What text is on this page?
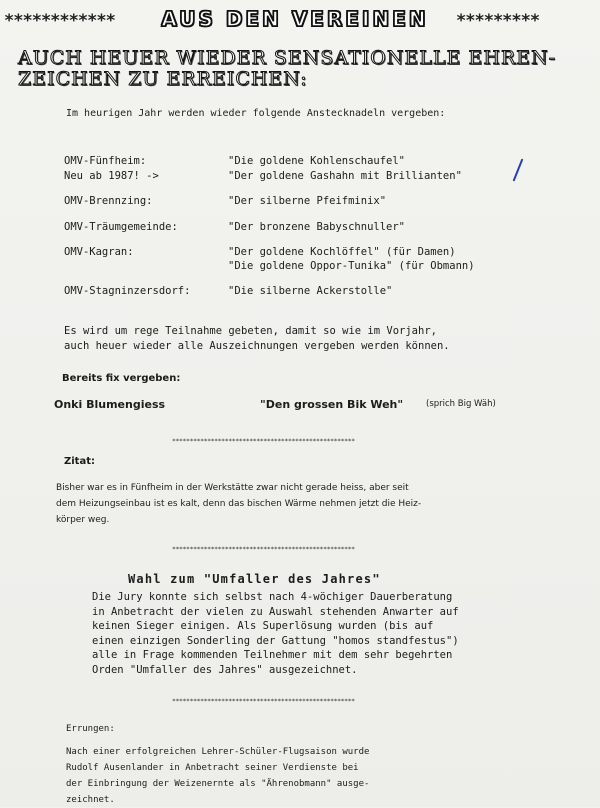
************ AUS DEN VEREINEN *********
AUCH HEUER WIEDER SENSATIONELLE EHREN-
ZEICHEN ZU ERREICHEN:
Im heurigen Jahr werden wieder folgende Anstecknadeln vergeben:
OMV-Fünfheim:	"Die goldene Kohlenschaufel"
Neu ab 1987! ->	"Der goldene Gashahn mit Brillianten"
OMV-Brennzing:	"Der silberne Pfeifminix"
OMV-Träumgemeinde:	"Der bronzene Babyschnuller"
OMV-Kagran:	"Der goldene Kochlöffel" (für Damen)
"Die goldene Oppor-Tunika" (für Obmann)
OMV-Stagninzersdorf:	"Die silberne Ackerstolle"
Es wird um rege Teilnahme gebeten, damit so wie im Vorjahr,
auch heuer wieder alle Auszeichnungen vergeben werden können.
Bereits fix vergeben:
Onki Blumengiess	"Den grossen Bik Weh"	(sprich Big Wäh)
****************************************************
Zitat:
Bisher war es in Fünfheim in der Werkstätte zwar nicht gerade heiss, aber seit
dem Heizungseinbau ist es kalt, denn das bischen Wärme nehmen jetzt die Heiz-
körper weg.
****************************************************
Wahl zum "Umfaller des Jahres"
Die Jury konnte sich selbst nach 4-wöchiger Dauerberatung
in Anbetracht der vielen zu Auswahl stehenden Anwarter auf
keinen Sieger einigen. Als Superlösung wurden (bis auf
einen einzigen Sonderling der Gattung "homos standfestus")
alle in Frage kommenden Teilnehmer mit dem sehr begehrten
Orden "Umfaller des Jahres" ausgezeichnet.
****************************************************
Errungen:
Nach einer erfolgreichen Lehrer-Schüler-Flugsaison wurde
Rudolf Ausenlander in Anbetracht seiner Verdienste bei
der Einbringung der Weizenernte als "Ährenobmann" ausge-
zeichnet.
